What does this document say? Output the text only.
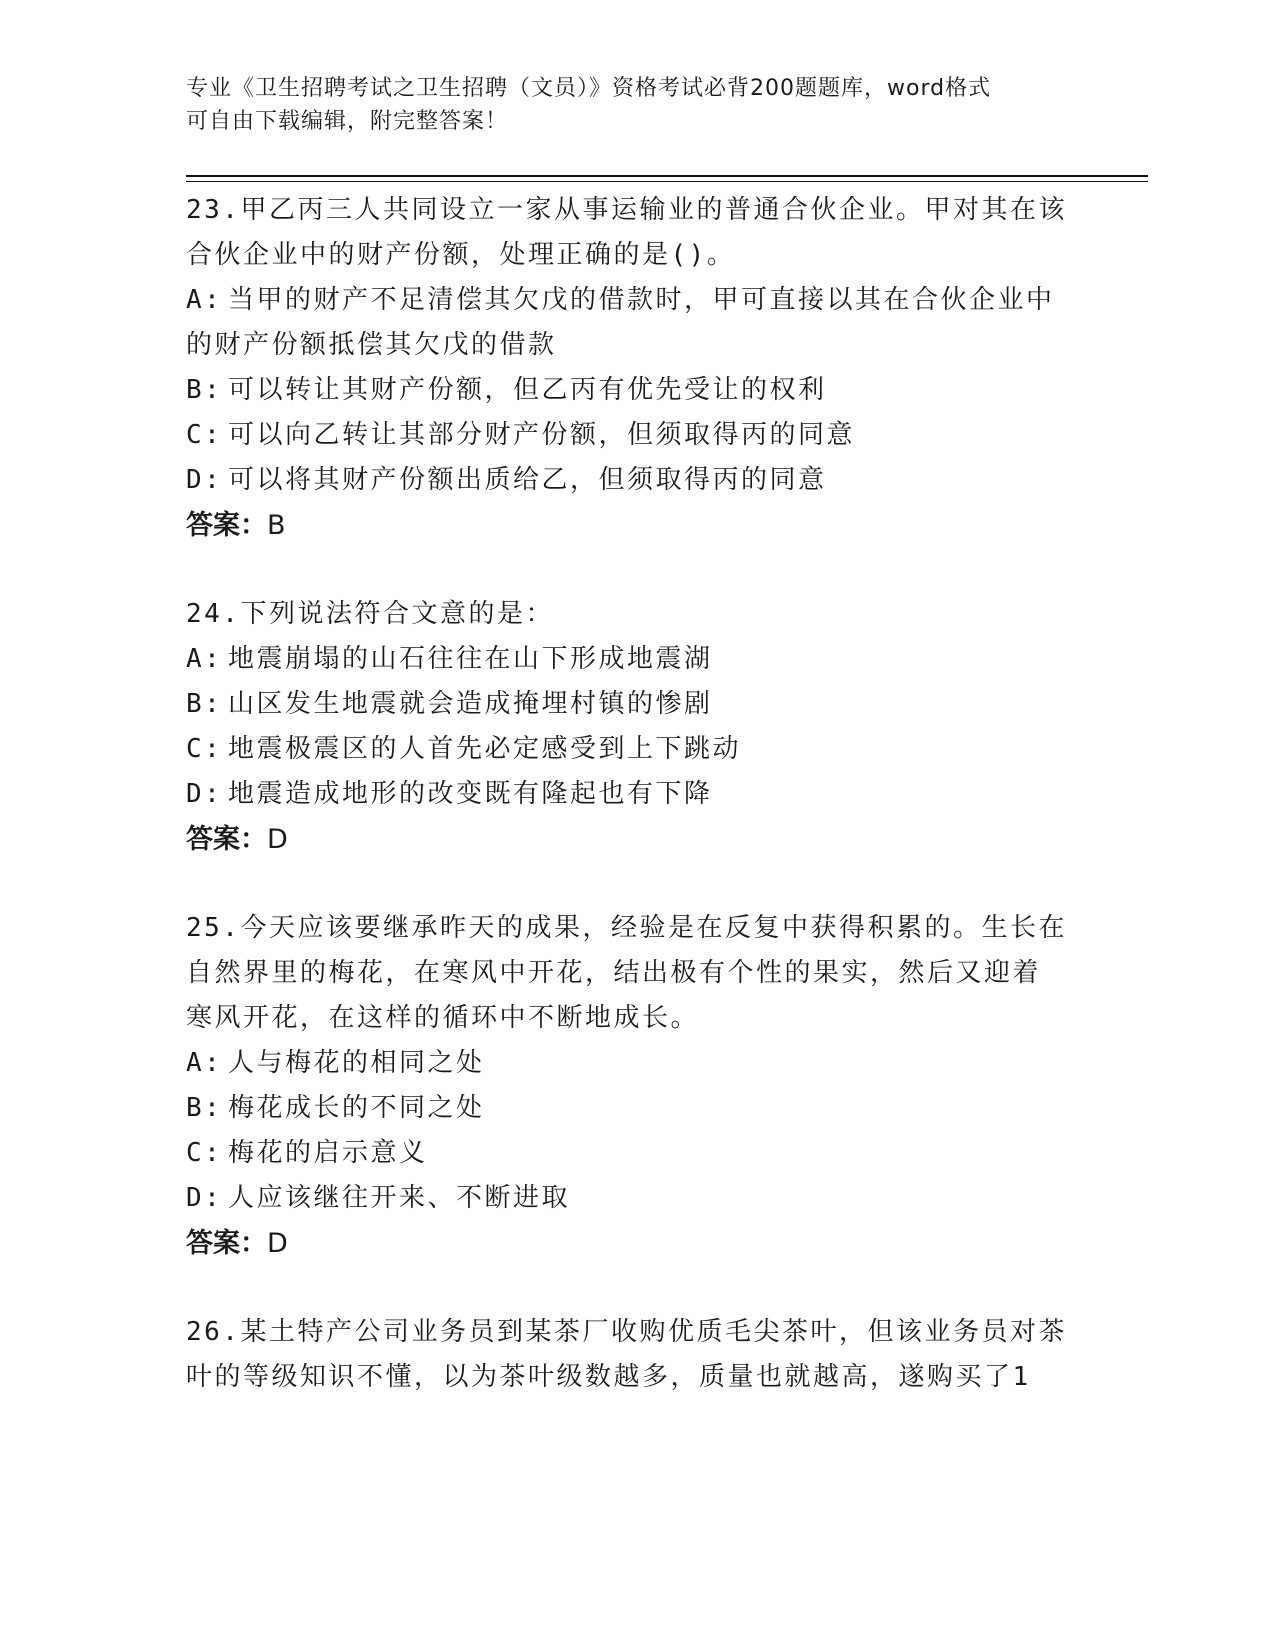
专业《卫生招聘考试之卫生招聘（文员）》资格考试必背200题题库，word格式
可自由下载编辑，附完整答案！

23.甲乙丙三人共同设立一家从事运输业的普通合伙企业。甲对其在该

合伙企业中的财产份额，处理正确的是()。

A: 当甲的财产不足清偿其欠戊的借款时，甲可直接以其在合伙企业中

的财产份额抵偿其欠戊的借款

B: 可以转让其财产份额，但乙丙有优先受让的权利

C: 可以向乙转让其部分财产份额，但须取得丙的同意

D: 可以将其财产份额出质给乙，但须取得丙的同意

答案：B

24.下列说法符合文意的是：

A: 地震崩塌的山石往往在山下形成地震湖

B: 山区发生地震就会造成掩埋村镇的惨剧

C: 地震极震区的人首先必定感受到上下跳动

D: 地震造成地形的改变既有隆起也有下降

答案：D

25.今天应该要继承昨天的成果，经验是在反复中获得积累的。生长在

自然界里的梅花，在寒风中开花，结出极有个性的果实，然后又迎着

寒风开花，在这样的循环中不断地成长。

A: 人与梅花的相同之处

B: 梅花成长的不同之处

C: 梅花的启示意义

D: 人应该继往开来、不断进取

答案：D

26.某土特产公司业务员到某茶厂收购优质毛尖茶叶，但该业务员对茶

叶的等级知识不懂，以为茶叶级数越多，质量也就越高，遂购买了1
